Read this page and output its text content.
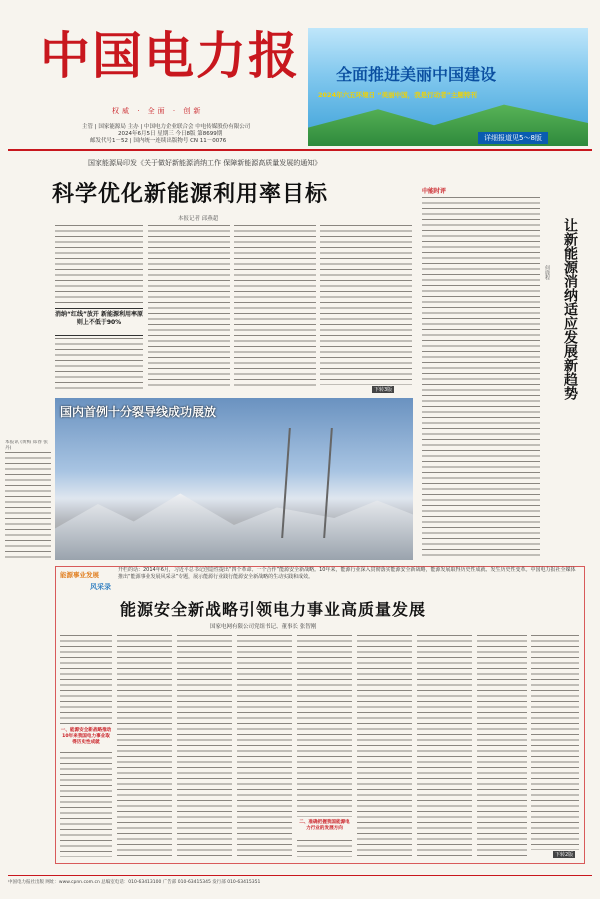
中国电力报
权威 · 全面 · 创新
主管 | 国家能源局 主办 | 中国电力企业联合会 中电传媒股份有限公司
2024年6月5日 星期三 今日8版 第8699期
邮发代号1－52 | 国内统一连续出版物号 CN 11－0076
全面推进美丽中国建设
2024年六五环境日 “美丽中国，我是行动者”主题特刊
详细报道见5～8版
国家能源局印发《关于做好新能源消纳工作 保障新能源高质量发展的通知》
科学优化新能源利用率目标
本报记者 邱燕超
消纳“红线”放开 新能源利用率原则上不低于90%
下转3版
国内首例十分裂导线成功展放
本报讯 (黄梅 郑春 张丹)
中能时评
让新能源消纳适应发展新趋势
何鹿程
能源事业发展
风采录
开栏的话：2014年6月，习近平总书记创造性提出“四个革命、一个合作”能源安全新战略。10年来，能源行业深入贯彻落实能源安全新战略，能源发展取得历史性成就、发生历史性变革。中国电力报社全媒体推出“能源事业发展风采录”专题，展示能源行业践行能源安全新战略的生动实践和成效。
能源安全新战略引领电力事业高质量发展
国家电网有限公司党组书记、董事长 张智刚
一、能源安全新战略推动10年来我国电力事业取得历史性成就
二、准确把握我国能源电力行业的发展方向
下转2版
中国电力报社出版 网址：www.cpnn.com.cn 总编室电话：010-63413100 广告部 010-63415345 发行部 010-63415351
